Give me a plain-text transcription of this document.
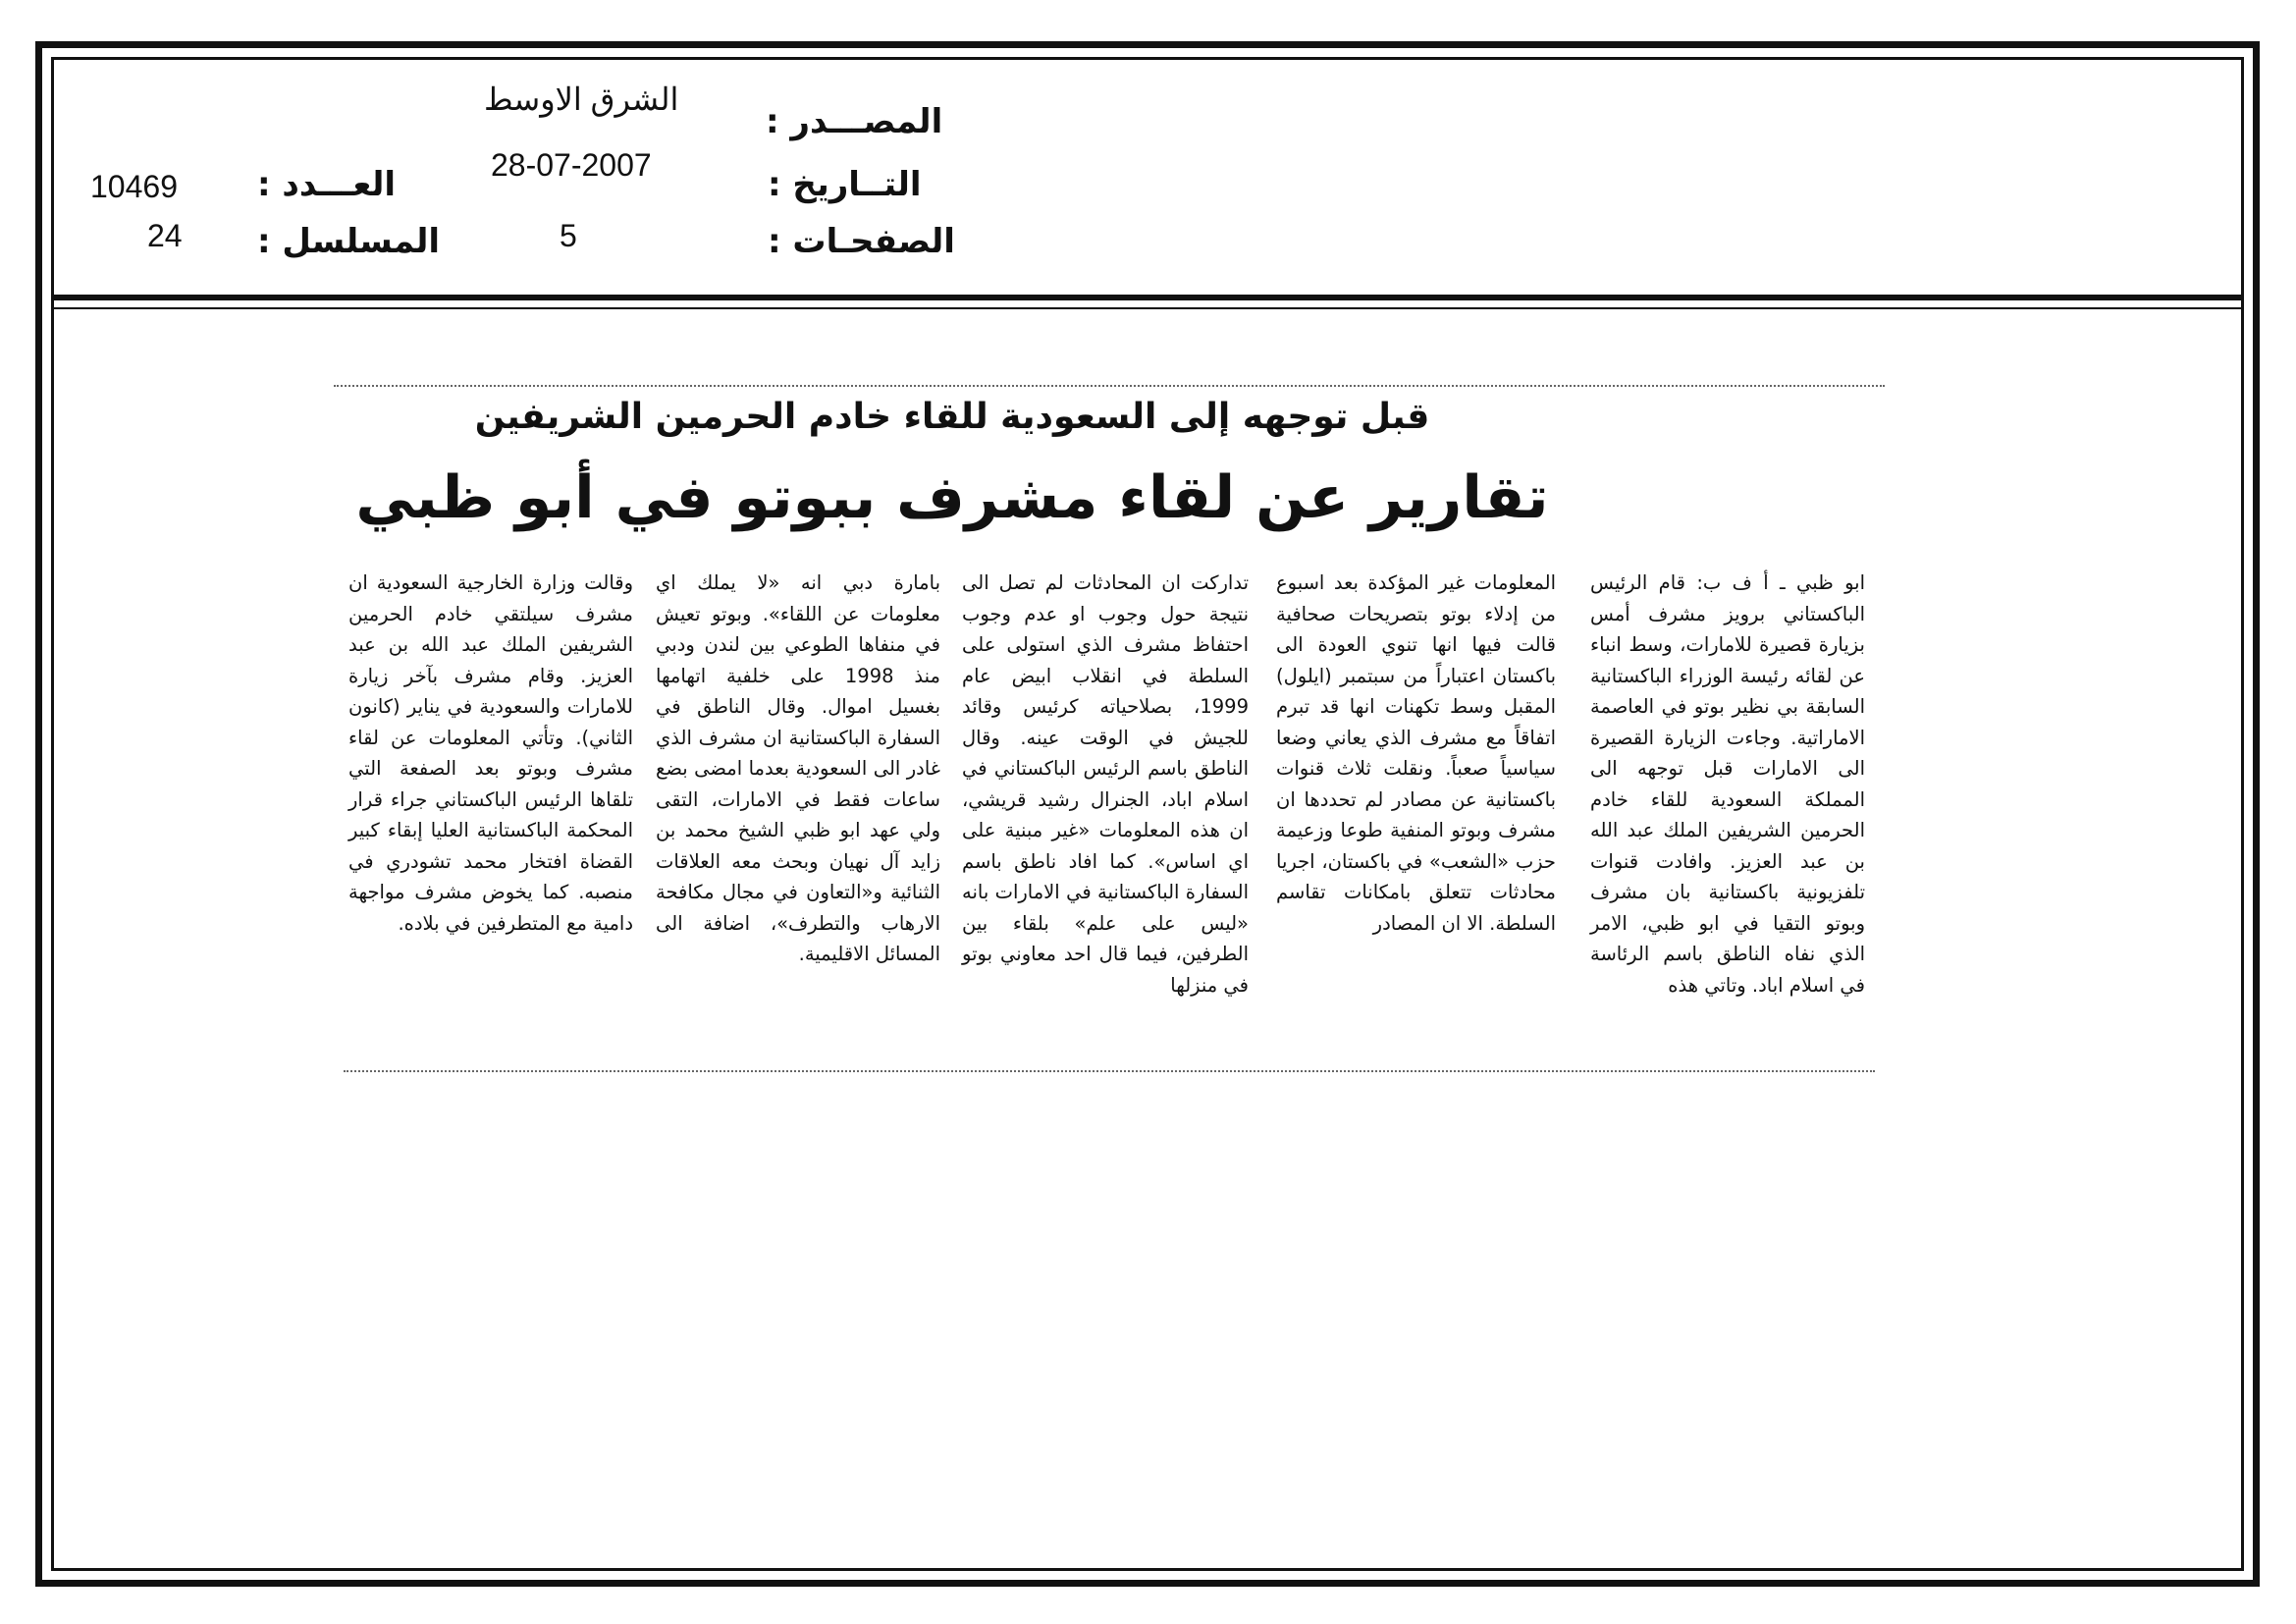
الشرق الاوسط
المصـــدر :
28-07-2007	التــاريخ :
5	الصفحـات :
10469 العـــدد :
24 المسلسل :
قبل توجهه إلى السعودية للقاء خادم الحرمين الشريفين
تقارير عن لقاء مشرف ببوتو في أبو ظبي

ابو ظبي ـ أ ف ب: قام الرئيس الباكستاني برويز مشرف أمس بزيارة قصيرة للامارات، وسط انباء عن لقائه رئيسة الوزراء الباكستانية السابقة بي نظير بوتو في العاصمة الاماراتية. وجاءت الزيارة القصيرة الى الامارات قبل توجهه الى المملكة السعودية للقاء خادم الحرمين الشريفين الملك عبد الله بن عبد العزيز. وافادت قنوات تلفزيونية باكستانية بان مشرف وبوتو التقيا في ابو ظبي، الامر الذي نفاه الناطق باسم الرئاسة في اسلام اباد. وتاتي هذه

المعلومات غير المؤكدة بعد اسبوع من إدلاء بوتو بتصريحات صحافية قالت فيها انها تنوي العودة الى باكستان اعتباراً من سبتمبر (ايلول) المقبل وسط تكهنات انها قد تبرم اتفاقاً مع مشرف الذي يعاني وضعا سياسياً صعباً. ونقلت ثلاث قنوات باكستانية عن مصادر لم تحددها ان مشرف وبوتو المنفية طوعا وزعيمة حزب «الشعب» في باكستان، اجريا محادثات تتعلق بامكانات تقاسم السلطة. الا ان المصادر

تداركت ان المحادثات لم تصل الى نتيجة حول وجوب او عدم وجوب احتفاظ مشرف الذي استولى على السلطة في انقلاب ابيض عام 1999، بصلاحياته كرئيس وقائد للجيش في الوقت عينه. وقال الناطق باسم الرئيس الباكستاني في اسلام اباد، الجنرال رشيد قريشي، ان هذه المعلومات «غير مبنية على اي اساس». كما افاد ناطق باسم السفارة الباكستانية في الامارات بانه «ليس على علم» بلقاء بين الطرفين، فيما قال احد معاوني بوتو في منزلها

بامارة دبي انه «لا يملك اي معلومات عن اللقاء». وبوتو تعيش في منفاها الطوعي بين لندن ودبي منذ 1998 على خلفية اتهامها بغسيل اموال. وقال الناطق في السفارة الباكستانية ان مشرف الذي غادر الى السعودية بعدما امضى بضع ساعات فقط في الامارات، التقى ولي عهد ابو ظبي الشيخ محمد بن زايد آل نهيان وبحث معه العلاقات الثنائية و«التعاون في مجال مكافحة الارهاب والتطرف»، اضافة الى المسائل الاقليمية.

وقالت وزارة الخارجية السعودية ان مشرف سيلتقي خادم الحرمين الشريفين الملك عبد الله بن عبد العزيز. وقام مشرف بآخر زيارة للامارات والسعودية في يناير (كانون الثاني). وتأتي المعلومات عن لقاء مشرف وبوتو بعد الصفعة التي تلقاها الرئيس الباكستاني جراء قرار المحكمة الباكستانية العليا إبقاء كبير القضاة افتخار محمد تشودري في منصبه. كما يخوض مشرف مواجهة دامية مع المتطرفين في بلاده.
